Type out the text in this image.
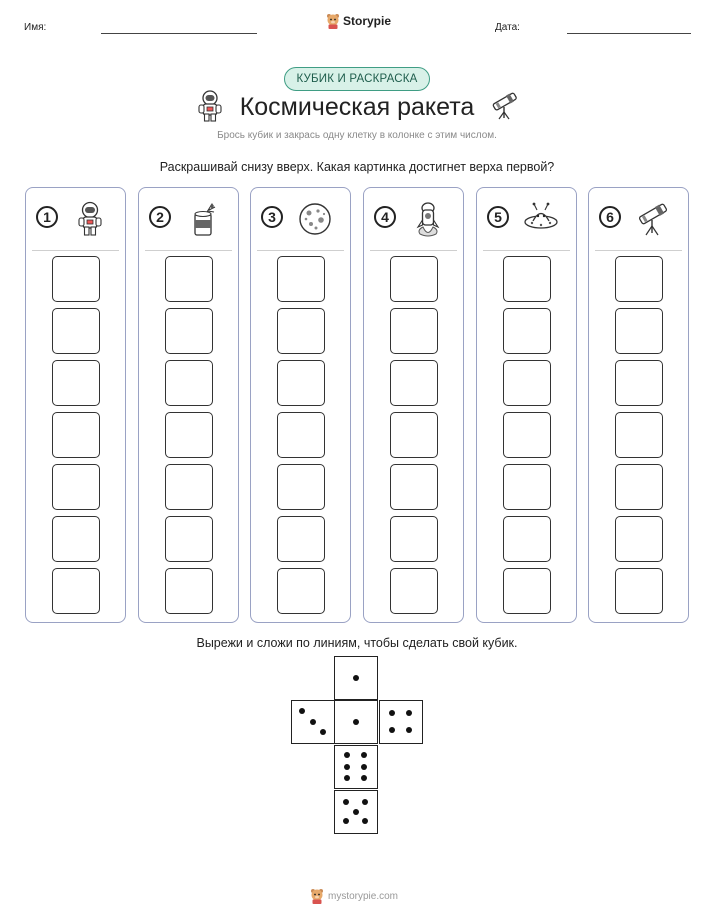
Имя:	Storypie	Дата:
КУБИК И РАСКРАСКА
Космическая ракета
Брось кубик и закрась одну клетку в колонке с этим числом.
Раскрашивай снизу вверх. Какая картинка достигнет верха первой?
1	2	3	4	5	6
Вырежи и сложи по линиям, чтобы сделать свой кубик.
mystorypie.com
